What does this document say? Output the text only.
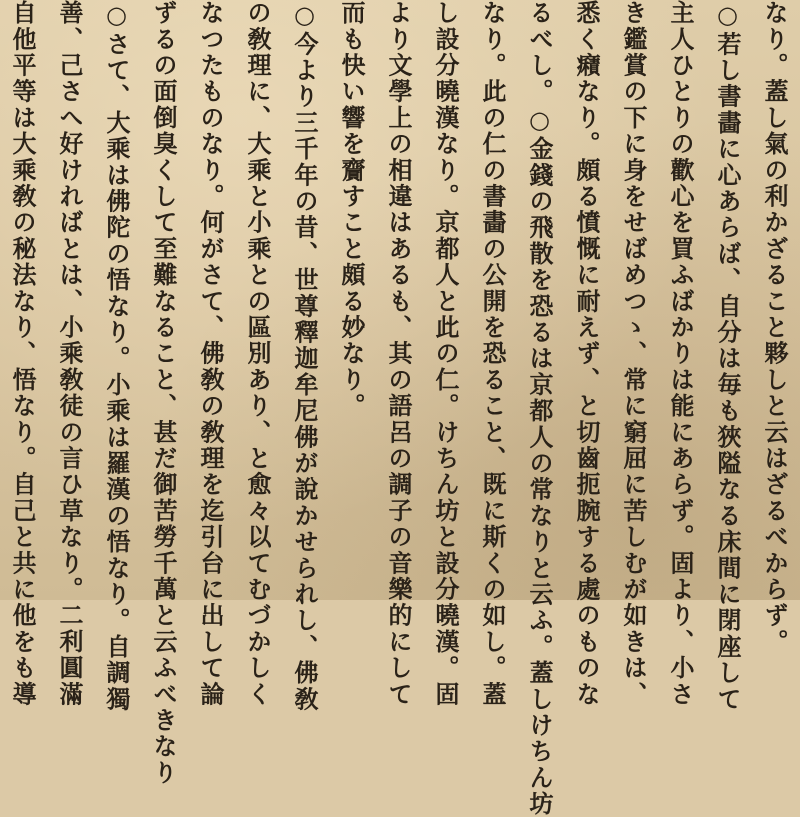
なり。蓋し氣の利かざること夥しと云はざるべからず。
○若し書畵に心あらば、自分は毎も狹隘なる床間に閉座して
主人ひとりの歡心を買ふばかりは能にあらず。固より、小さ
き鑑賞の下に身をせばめつゝ、常に窮屈に苦しむが如きは、
悉く癪なり。頗る憤慨に耐えず、と切齒扼腕する處のものな
るべし。○金錢の飛散を恐るは京都人の常なりと云ふ。蓋しけちん坊
なり。此の仁の書畵の公開を恐ること、既に斯くの如し。蓋
し設分曉漢なり。京都人と此の仁。けちん坊と設分曉漢。固
より文學上の相違はあるも、其の語呂の調子の音樂的にして
而も快い響を齎すこと頗る妙なり。
○今より三千年の昔、世尊釋迦牟尼佛が說かせられし、佛敎
の敎理に、大乘と小乘との區別あり、と愈々以てむづかしく
なつたものなり。何がさて、佛敎の敎理を迄引台に出して論
ずるの面倒臭くして至難なること、甚だ御苦勞千萬と云ふべきなり
○さて、大乘は佛陀の悟なり。小乘は羅漢の悟なり。自調獨
善、己さへ好ければとは、小乘敎徒の言ひ草なり。二利圓滿
自他平等は大乘敎の秘法なり、悟なり。自己と共に他をも導
